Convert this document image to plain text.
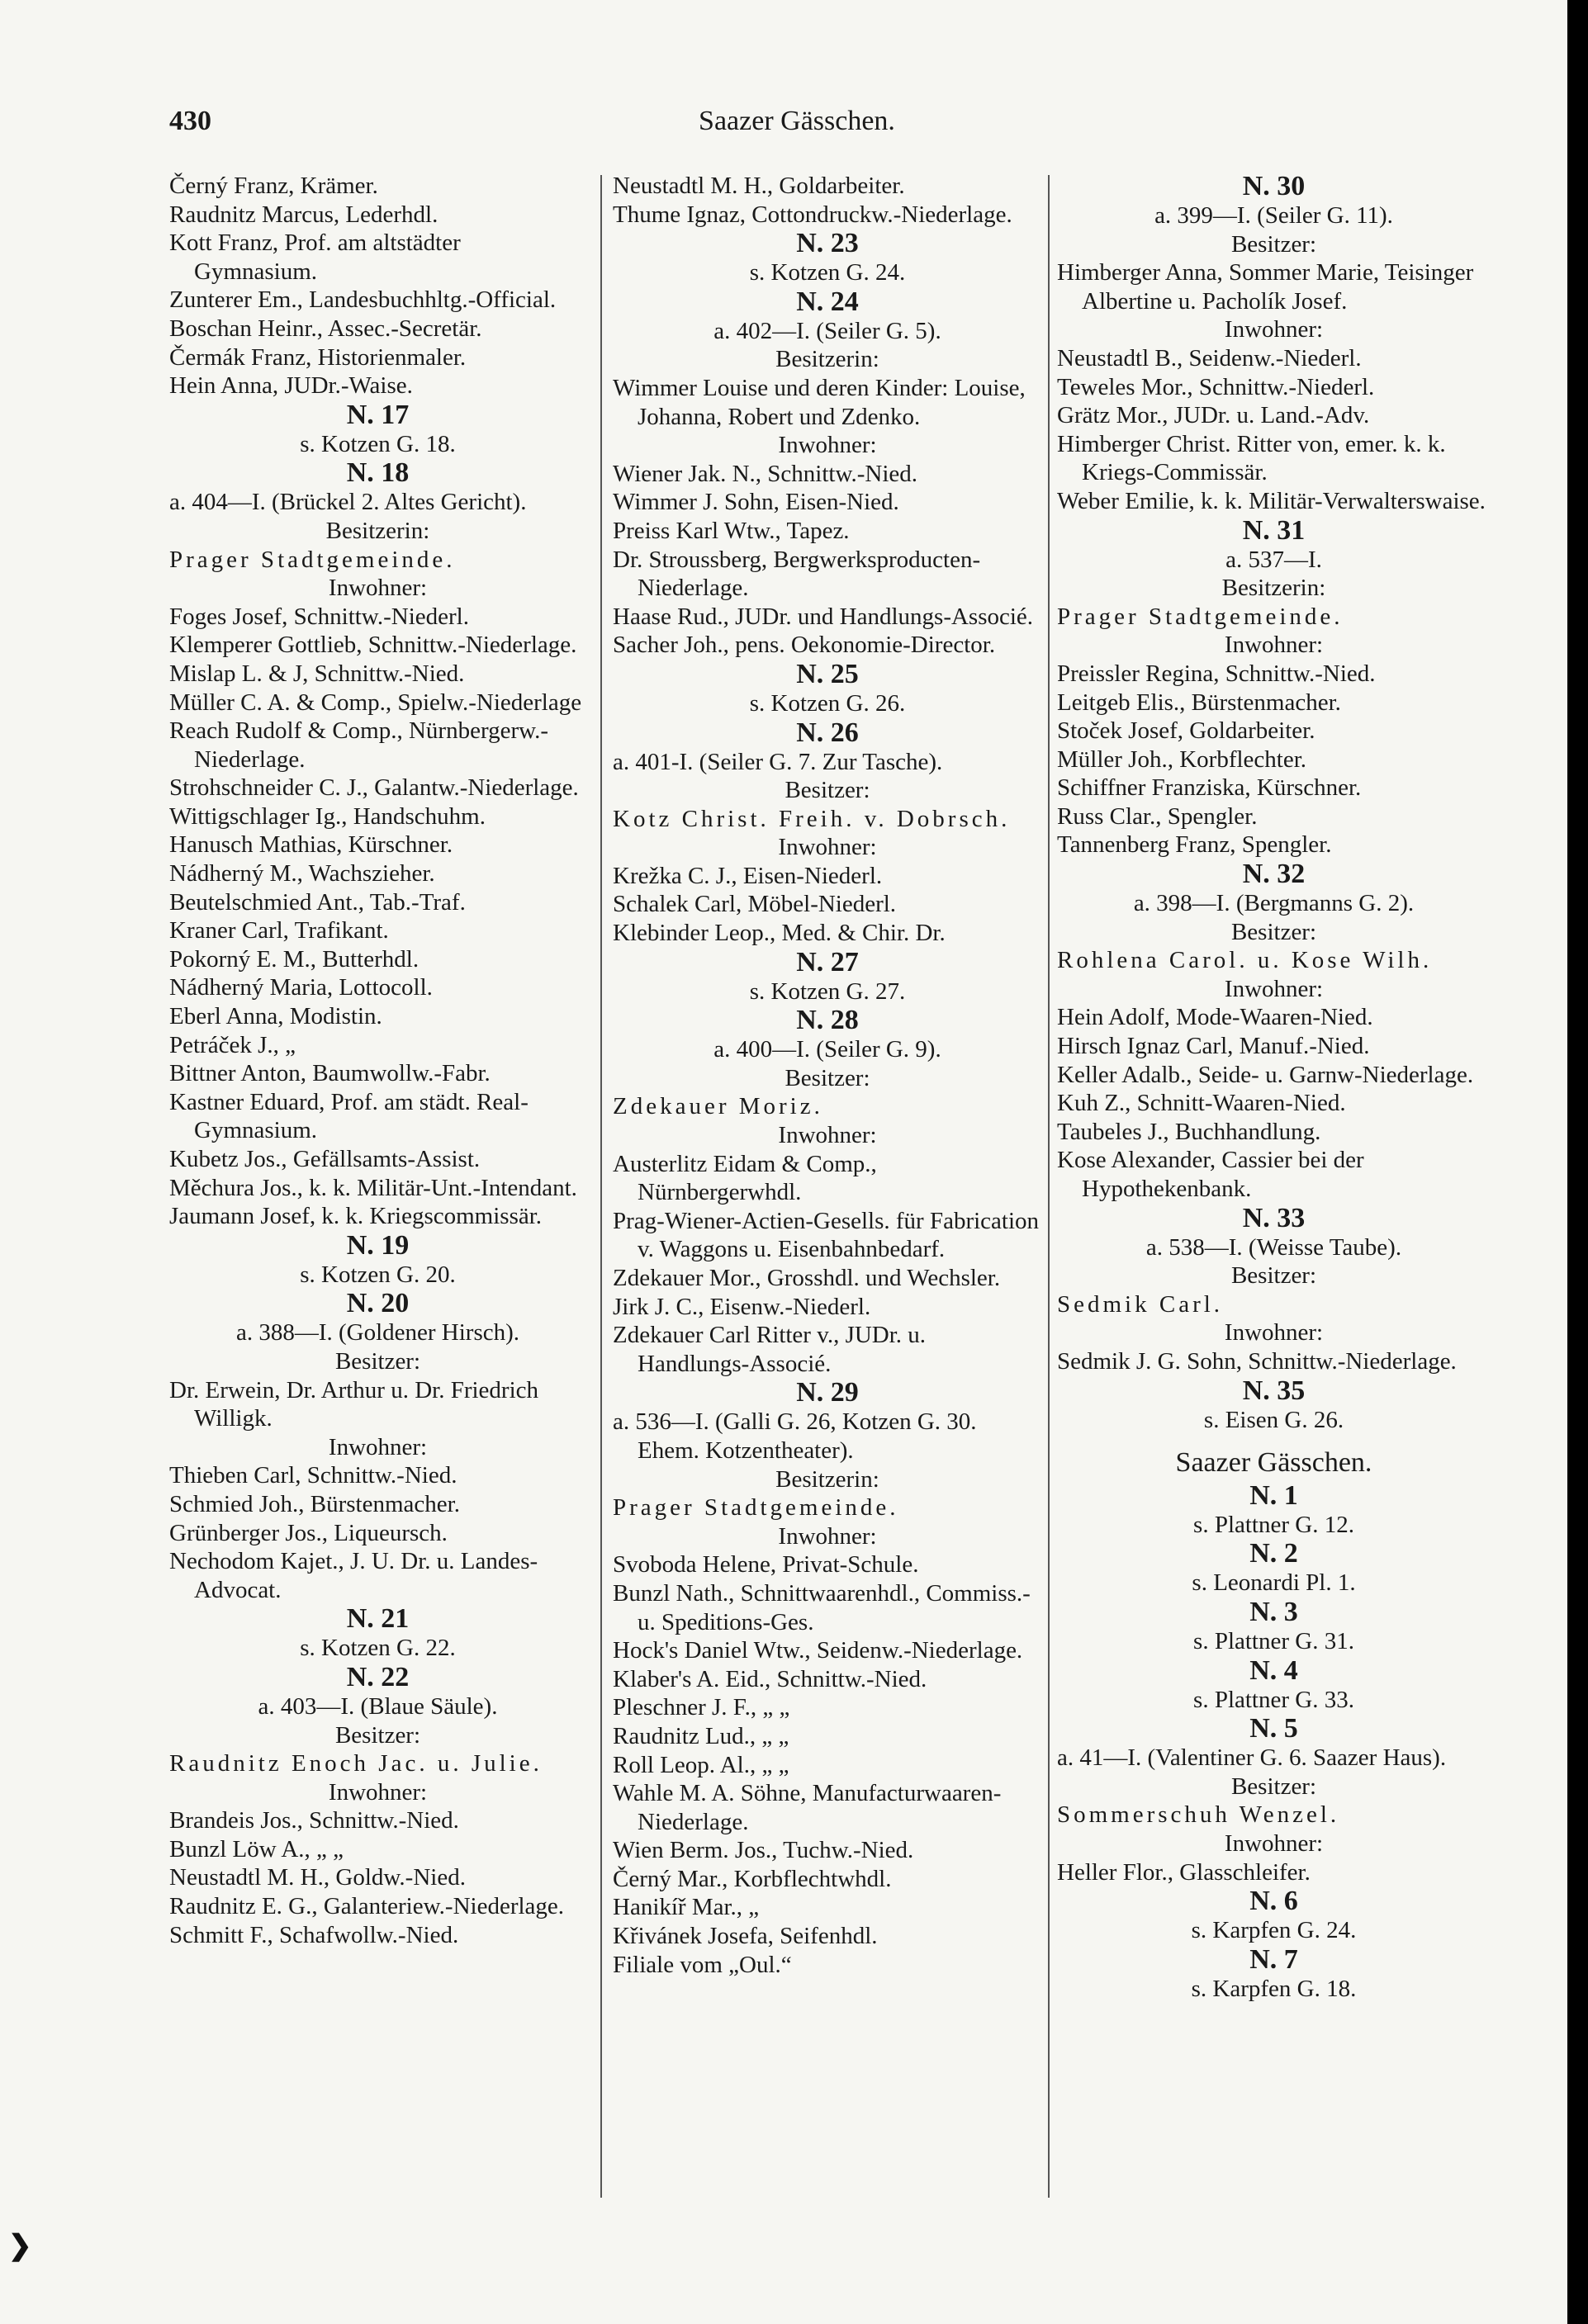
430	Saazer Gässchen.

Černý Franz, Krämer.

Raudnitz Marcus, Lederhdl.

Kott Franz, Prof. am altstädter Gymnasium.

Zunterer Em., Landesbuchhltg.-Official.

Boschan Heinr., Assec.-Secretär.

Čermák Franz, Historienmaler.

Hein Anna, JUDr.-Waise.

N. 17

s. Kotzen G. 18.

N. 18

a. 404—I. (Brückel 2. Altes Gericht).

Besitzerin:

Prager Stadtgemeinde.

Inwohner:

Foges Josef, Schnittw.-Niederl.

Klemperer Gottlieb, Schnittw.-Niederlage.

Mislap L. & J, Schnittw.-Nied.

Müller C. A. & Comp., Spielw.-Niederlage

Reach Rudolf & Comp., Nürnbergerw.-Niederlage.

Strohschneider C. J., Galantw.-Niederlage.

Wittigschlager Ig., Handschuhm.

Hanusch Mathias, Kürschner.

Nádherný M., Wachszieher.

Beutelschmied Ant., Tab.-Traf.

Kraner Carl, Trafikant.

Pokorný E. M., Butterhdl.

Nádherný Maria, Lottocoll.

Eberl Anna, Modistin.

Petráček J., „

Bittner Anton, Baumwollw.-Fabr.

Kastner Eduard, Prof. am städt. Real-Gymnasium.

Kubetz Jos., Gefällsamts-Assist.

Měchura Jos., k. k. Militär-Unt.-Intendant.

Jaumann Josef, k. k. Kriegscommissär.

N. 19

s. Kotzen G. 20.

N. 20

a. 388—I. (Goldener Hirsch).

Besitzer:

Dr. Erwein, Dr. Arthur u. Dr. Friedrich Willigk.

Inwohner:

Thieben Carl, Schnittw.-Nied.

Schmied Joh., Bürstenmacher.

Grünberger Jos., Liqueursch.

Nechodom Kajet., J. U. Dr. u. Landes-Advocat.

N. 21

s. Kotzen G. 22.

N. 22

a. 403—I. (Blaue Säule).

Besitzer:

Raudnitz Enoch Jac. u. Julie.

Inwohner:

Brandeis Jos., Schnittw.-Nied.

Bunzl Löw A., „ „

Neustadtl M. H., Goldw.-Nied.

Raudnitz E. G., Galanteriew.-Niederlage.

Schmitt F., Schafwollw.-Nied.

Neustadtl M. H., Goldarbeiter.

Thume Ignaz, Cottondruckw.-Niederlage.

N. 23

s. Kotzen G. 24.

N. 24

a. 402—I. (Seiler G. 5).

Besitzerin:

Wimmer Louise und deren Kinder: Louise, Johanna, Robert und Zdenko.

Inwohner:

Wiener Jak. N., Schnittw.-Nied.

Wimmer J. Sohn, Eisen-Nied.

Preiss Karl Wtw., Tapez.

Dr. Stroussberg, Bergwerksproducten-Niederlage.

Haase Rud., JUDr. und Handlungs-Associé.

Sacher Joh., pens. Oekonomie-Director.

N. 25

s. Kotzen G. 26.

N. 26

a. 401-I. (Seiler G. 7. Zur Tasche).

Besitzer:

Kotz Christ. Freih. v. Dobrsch.

Inwohner:

Krežka C. J., Eisen-Niederl.

Schalek Carl, Möbel-Niederl.

Klebinder Leop., Med. & Chir. Dr.

N. 27

s. Kotzen G. 27.

N. 28

a. 400—I. (Seiler G. 9).

Besitzer:

Zdekauer Moriz.

Inwohner:

Austerlitz Eidam & Comp., Nürnbergerwhdl.

Prag-Wiener-Actien-Gesells. für Fabrication v. Waggons u. Eisenbahnbedarf.

Zdekauer Mor., Grosshdl. und Wechsler.

Jirk J. C., Eisenw.-Niederl.

Zdekauer Carl Ritter v., JUDr. u. Handlungs-Associé.

N. 29

a. 536—I. (Galli G. 26, Kotzen G. 30. Ehem. Kotzentheater).

Besitzerin:

Prager Stadtgemeinde.

Inwohner:

Svoboda Helene, Privat-Schule.

Bunzl Nath., Schnittwaarenhdl., Commiss.- u. Speditions-Ges.

Hock's Daniel Wtw., Seidenw.-Niederlage.

Klaber's A. Eid., Schnittw.-Nied.

Pleschner J. F., „ „

Raudnitz Lud., „ „

Roll Leop. Al., „ „

Wahle M. A. Söhne, Manufacturwaaren-Niederlage.

Wien Berm. Jos., Tuchw.-Nied.

Černý Mar., Korbflechtwhdl.

Hanikíř Mar., „

Křivánek Josefa, Seifenhdl.

Filiale vom „Oul.“

N. 30

a. 399—I. (Seiler G. 11).

Besitzer:

Himberger Anna, Sommer Marie, Teisinger Albertine u. Pacholík Josef.

Inwohner:

Neustadtl B., Seidenw.-Niederl.

Teweles Mor., Schnittw.-Niederl.

Grätz Mor., JUDr. u. Land.-Adv.

Himberger Christ. Ritter von, emer. k. k. Kriegs-Commissär.

Weber Emilie, k. k. Militär-Verwalterswaise.

N. 31

a. 537—I.

Besitzerin:

Prager Stadtgemeinde.

Inwohner:

Preissler Regina, Schnittw.-Nied.

Leitgeb Elis., Bürstenmacher.

Stoček Josef, Goldarbeiter.

Müller Joh., Korbflechter.

Schiffner Franziska, Kürschner.

Russ Clar., Spengler.

Tannenberg Franz, Spengler.

N. 32

a. 398—I. (Bergmanns G. 2).

Besitzer:

Rohlena Carol. u. Kose Wilh.

Inwohner:

Hein Adolf, Mode-Waaren-Nied.

Hirsch Ignaz Carl, Manuf.-Nied.

Keller Adalb., Seide- u. Garnw-Niederlage.

Kuh Z., Schnitt-Waaren-Nied.

Taubeles J., Buchhandlung.

Kose Alexander, Cassier bei der Hypothekenbank.

N. 33

a. 538—I. (Weisse Taube).

Besitzer:

Sedmik Carl.

Inwohner:

Sedmik J. G. Sohn, Schnittw.-Niederlage.

N. 35

s. Eisen G. 26.

Saazer Gässchen.

N. 1

s. Plattner G. 12.

N. 2

s. Leonardi Pl. 1.

N. 3

s. Plattner G. 31.

N. 4

s. Plattner G. 33.

N. 5

a. 41—I. (Valentiner G. 6. Saazer Haus).

Besitzer:

Sommerschuh Wenzel.

Inwohner:

Heller Flor., Glasschleifer.

N. 6

s. Karpfen G. 24.

N. 7

s. Karpfen G. 18.

❯
